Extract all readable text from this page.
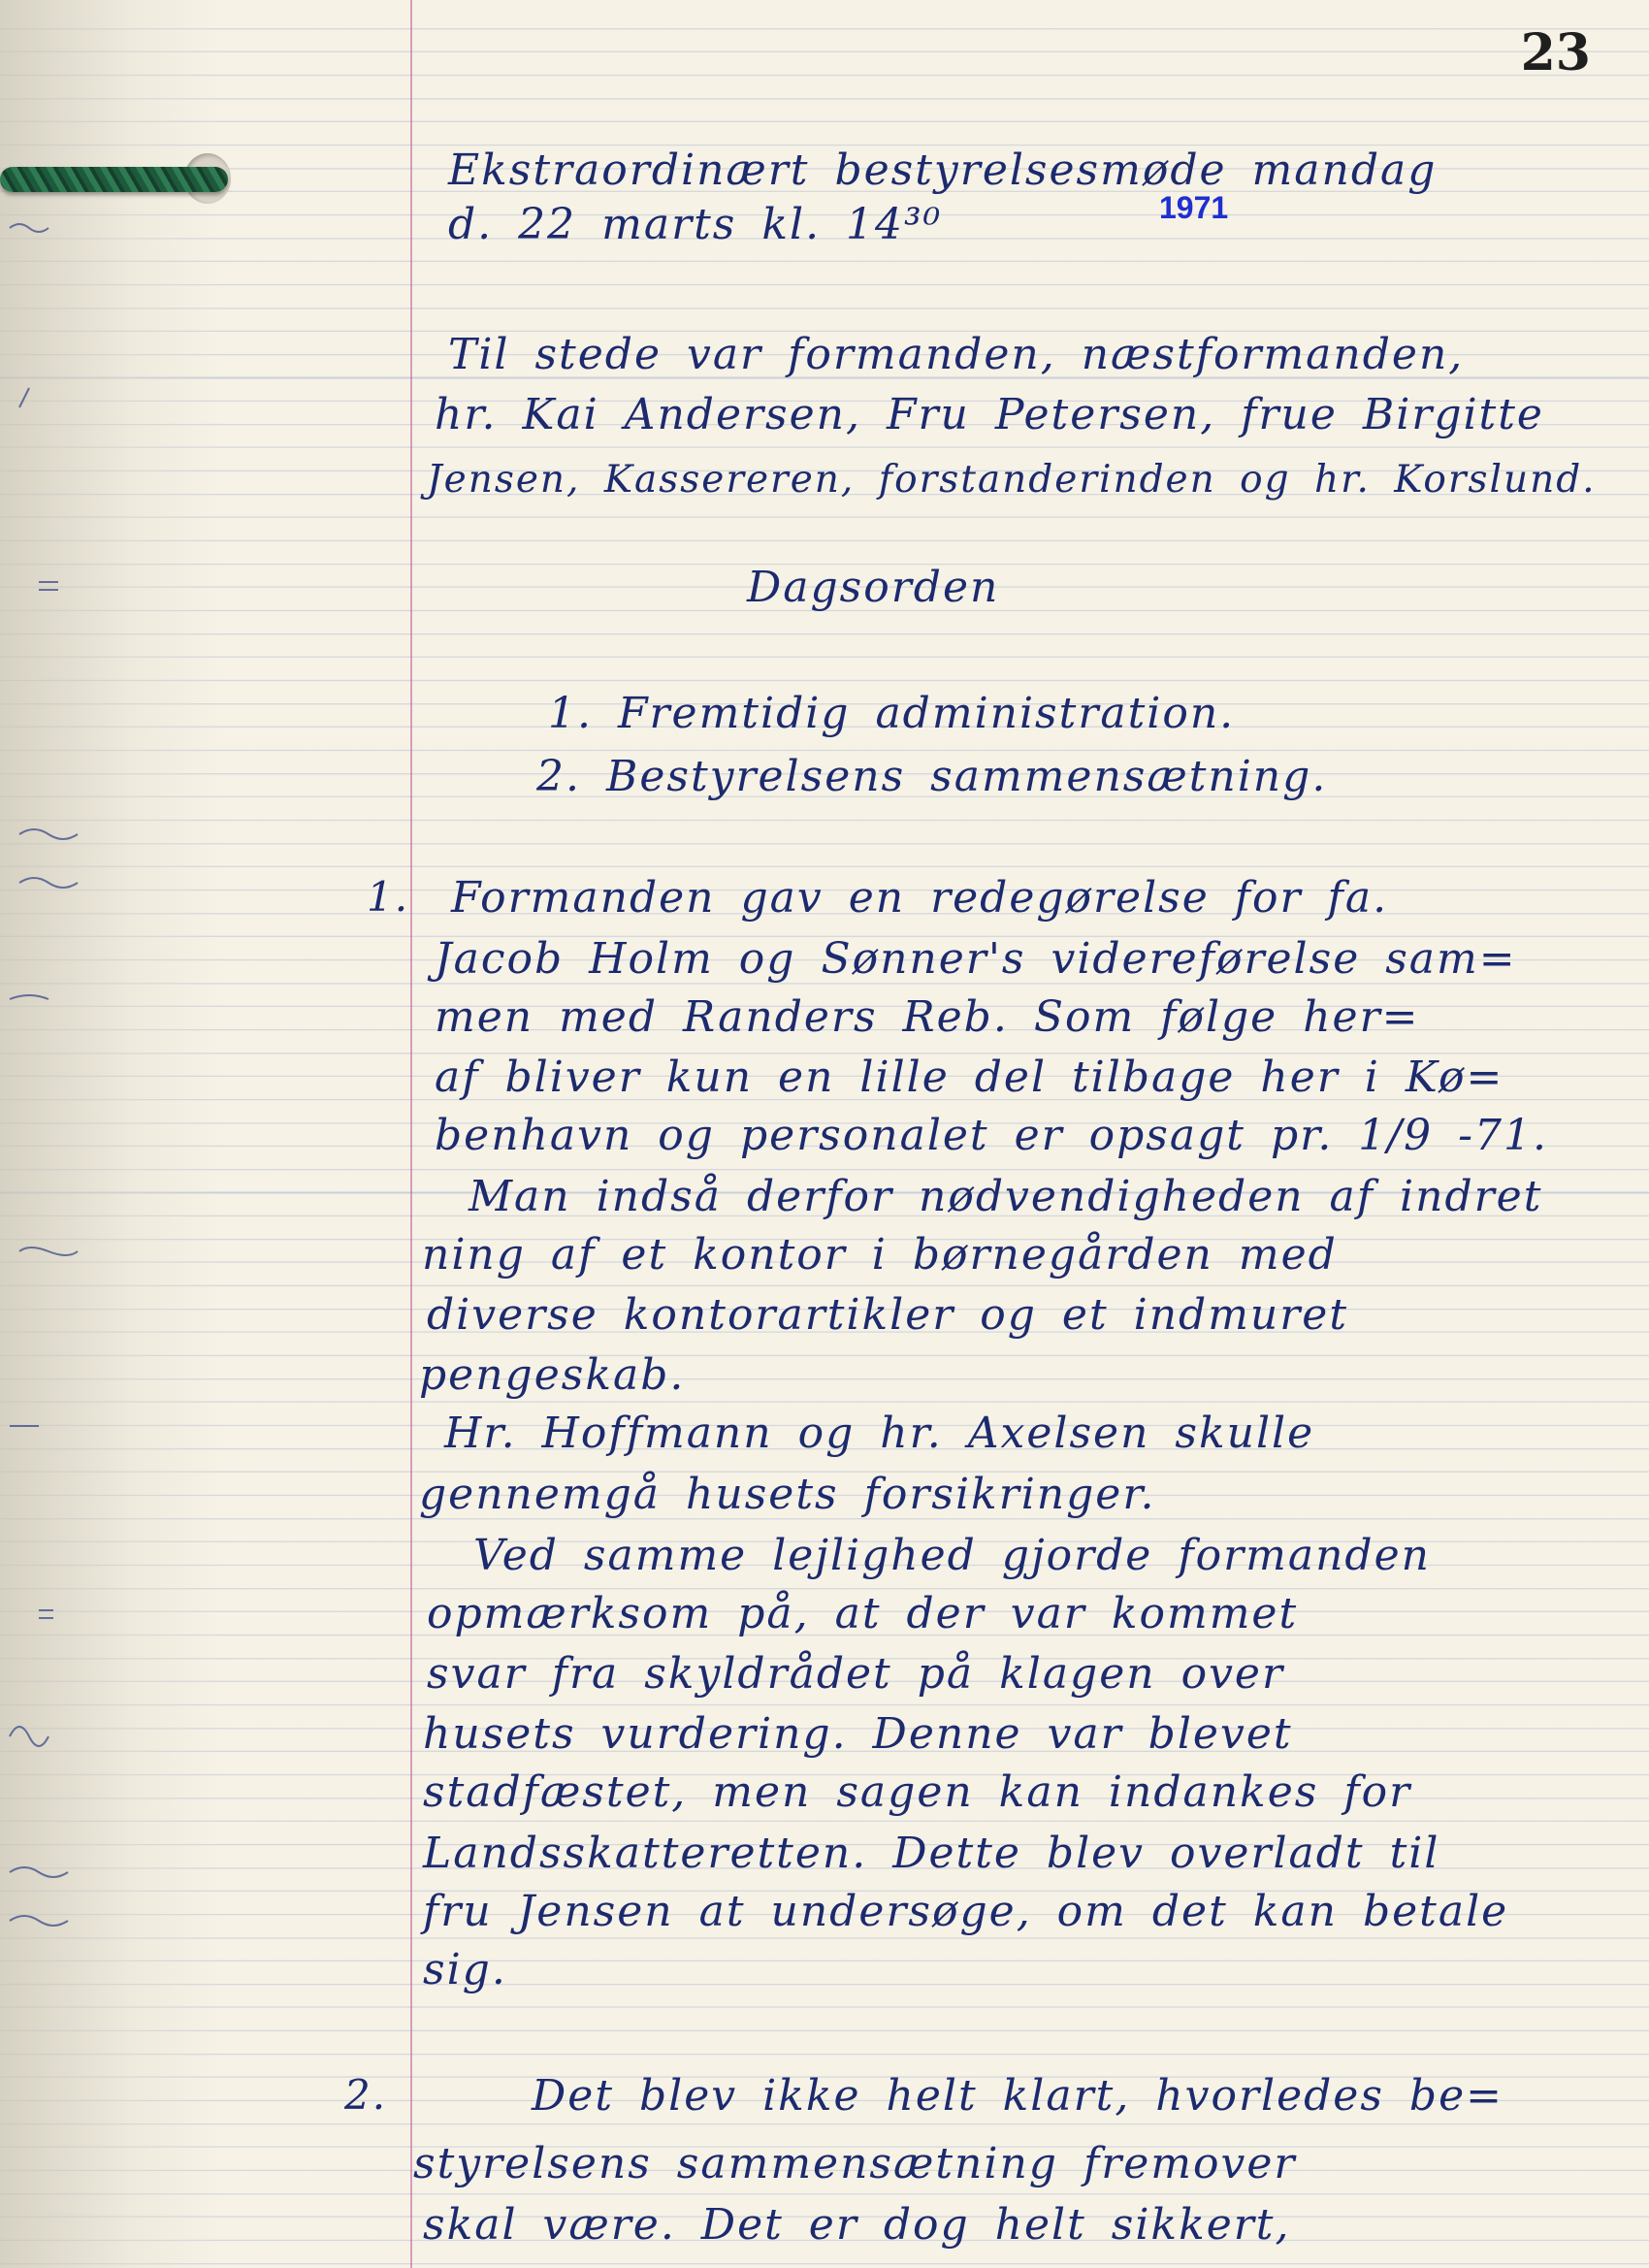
23
Ekstraordinært bestyrelsesmøde mandag
d. 22 marts kl. 14³⁰	1971
Til stede var formanden, næstformanden,
hr. Kai Andersen, Fru Petersen, frue Birgitte
Jensen, Kassereren, forstanderinden og hr. Korslund.
Dagsorden
1. Fremtidig administration.
2. Bestyrelsens sammensætning.
1. Formanden gav en redegørelse for fa.
Jacob Holm og Sønner's videreførelse sam=
men med Randers Reb. Som følge her=
af bliver kun en lille del tilbage her i Kø=
benhavn og personalet er opsagt pr. 1/9 -71.
Man indså derfor nødvendigheden af indret
ning af et kontor i børnegården med
diverse kontorartikler og et indmuret
pengeskab.
Hr. Hoffmann og hr. Axelsen skulle
gennemgå husets forsikringer.
Ved samme lejlighed gjorde formanden
opmærksom på, at der var kommet
svar fra skyldrådet på klagen over
husets vurdering. Denne var blevet
stadfæstet, men sagen kan indankes for
Landsskatteretten. Dette blev overladt til
fru Jensen at undersøge, om det kan betale
sig.
2.	Det blev ikke helt klart, hvorledes be=
styrelsens sammensætning fremover
skal være. Det er dog helt sikkert,
